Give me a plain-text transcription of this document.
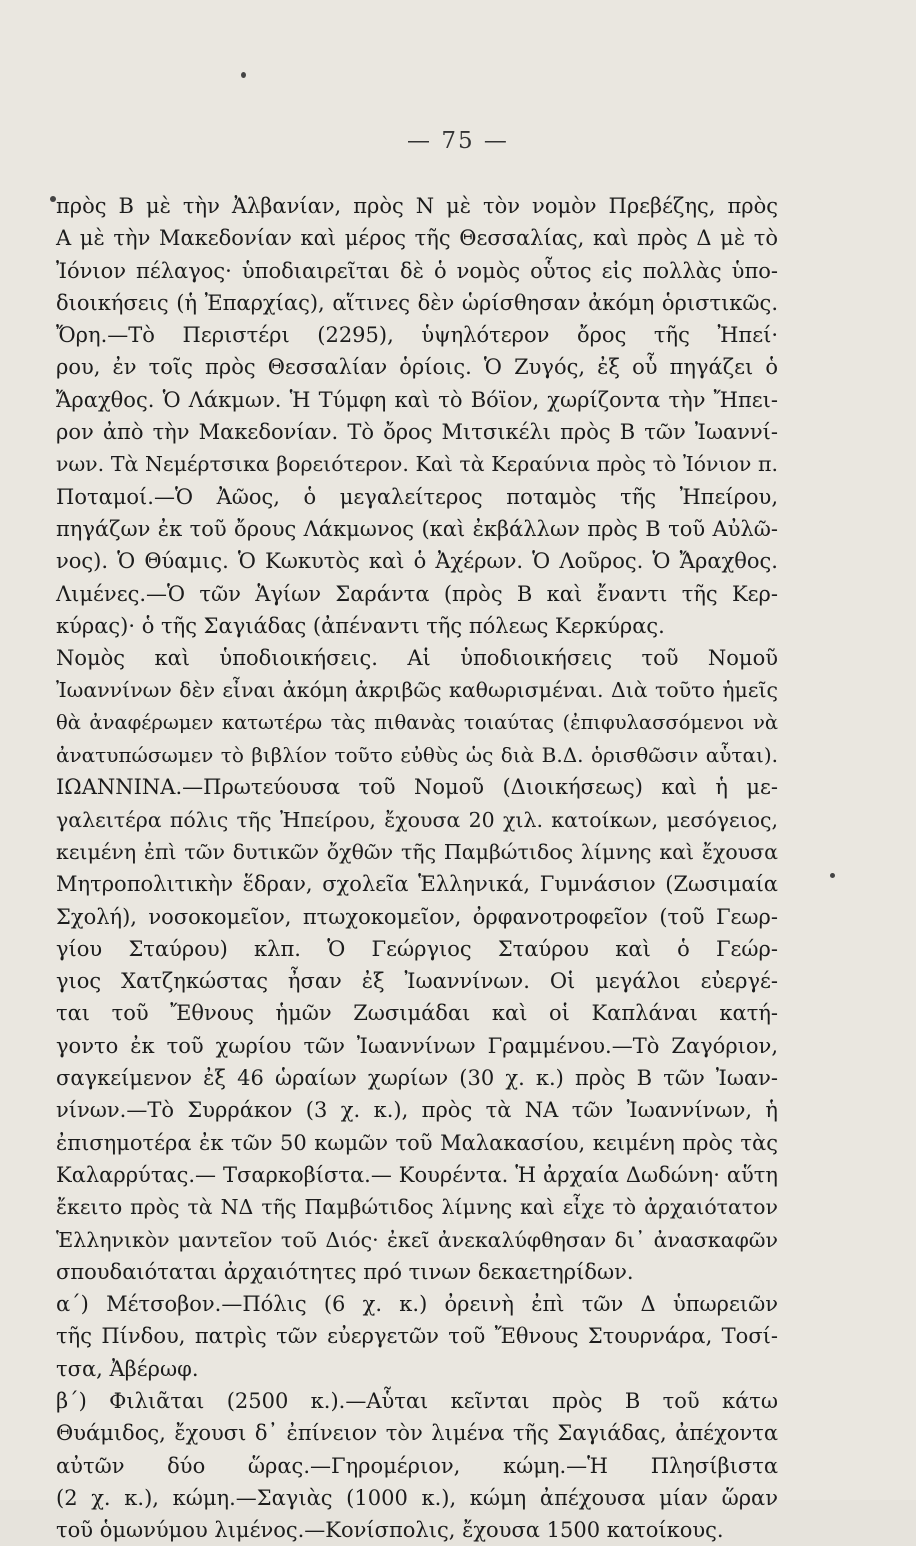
— 75 —
πρὸς Β μὲ τὴν Ἀλβανίαν, πρὸς Ν μὲ τὸν νομὸν Πρεβέζης, πρὸς
Α μὲ τὴν Μακεδονίαν καὶ μέρος τῆς Θεσσαλίας, καὶ πρὸς Δ μὲ τὸ
Ἰόνιον πέλαγος· ὑποδιαιρεῖται δὲ ὁ νομὸς οὗτος εἰς πολλὰς ὑπο-
διοικήσεις (ἡ Ἐπαρχίας), αἵτινες δὲν ὡρίσθησαν ἀκόμη ὁριστικῶς.
Ὄρη.—Τὸ Περιστέρι (2295), ὑψηλότερον ὄρος τῆς Ἠπεί·
ρου, ἐν τοῖς πρὸς Θεσσαλίαν ὁρίοις. Ὁ Ζυγός, ἐξ οὗ πηγάζει ὁ
Ἄραχθος. Ὁ Λάκμων. Ἡ Τύμφη καὶ τὸ Βόϊον, χωρίζοντα τὴν Ἤπει-
ρον ἀπὸ τὴν Μακεδονίαν. Τὸ ὄρος Μιτσικέλι πρὸς Β τῶν Ἰωαννί-
νων. Τὰ Νεμέρτσικα βορειότερον. Καὶ τὰ Κεραύνια πρὸς τὸ Ἰόνιον π.
Ποταμοί.—Ὁ Ἀῶος, ὁ μεγαλείτερος ποταμὸς τῆς Ἠπείρου,
πηγάζων ἐκ τοῦ ὄρους Λάκμωνος (καὶ ἐκβάλλων πρὸς Β τοῦ Αὐλῶ-
νος). Ὁ Θύαμις. Ὁ Κωκυτὸς καὶ ὁ Ἀχέρων. Ὁ Λοῦρος. Ὁ Ἄραχθος.
Λιμένες.—Ὁ τῶν Ἁγίων Σαράντα (πρὸς Β καὶ ἔναντι τῆς Κερ-
κύρας)· ὁ τῆς Σαγιάδας (ἀπέναντι τῆς πόλεως Κερκύρας.
Νομὸς καὶ ὑποδιοικήσεις. Αἱ ὑποδιοικήσεις τοῦ Νομοῦ
Ἰωαννίνων δὲν εἶναι ἀκόμη ἀκριβῶς καθωρισμέναι. Διὰ τοῦτο ἡμεῖς
θὰ ἀναφέρωμεν κατωτέρω τὰς πιθανὰς τοιαύτας (ἐπιφυλασσόμενοι νὰ
ἀνατυπώσωμεν τὸ βιβλίον τοῦτο εὐθὺς ὡς διὰ Β.Δ. ὁρισθῶσιν αὗται).
ΙΩΑΝΝΙΝΑ.—Πρωτεύουσα τοῦ Νομοῦ (Διοικήσεως) καὶ ἡ με-
γαλειτέρα πόλις τῆς Ἠπείρου, ἔχουσα 20 χιλ. κατοίκων, μεσόγειος,
κειμένη ἐπὶ τῶν δυτικῶν ὄχθῶν τῆς Παμβώτιδος λίμνης καὶ ἔχουσα
Μητροπολιτικὴν ἕδραν, σχολεῖα Ἑλληνικά, Γυμνάσιον (Ζωσιμαία
Σχολή), νοσοκομεῖον, πτωχοκομεῖον, ὀρφανοτροφεῖον (τοῦ Γεωρ-
γίου Σταύρου) κλπ. Ὁ Γεώργιος Σταύρου καὶ ὁ Γεώρ-
γιος Χατζηκώστας ἦσαν ἐξ Ἰωαννίνων. Οἱ μεγάλοι εὐεργέ-
ται τοῦ Ἔθνους ἡμῶν Ζωσιμάδαι καὶ οἱ Καπλάναι κατή-
γοντο ἐκ τοῦ χωρίου τῶν Ἰωαννίνων Γραμμένου.—Τὸ Ζαγόριον,
σαγκείμενον ἐξ 46 ὡραίων χωρίων (30 χ. κ.) πρὸς Β τῶν Ἰωαν-
νίνων.—Τὸ Συρράκον (3 χ. κ.), πρὸς τὰ ΝΑ τῶν Ἰωαννίνων, ἡ
ἐπισημοτέρα ἐκ τῶν 50 κωμῶν τοῦ Μαλακασίου, κειμένη πρὸς τὰς
Καλαρρύτας.— Τσαρκοβίστα.— Κουρέντα. Ἡ ἀρχαία Δωδώνη· αὕτη
ἔκειτο πρὸς τὰ ΝΔ τῆς Παμβώτιδος λίμνης καὶ εἶχε τὸ ἀρχαιότατον
Ἑλληνικὸν μαντεῖον τοῦ Διός· ἐκεῖ ἀνεκαλύφθησαν δι᾽ ἀνασκαφῶν
σπουδαιόταται ἀρχαιότητες πρό τινων δεκαετηρίδων.
α΄) Μέτσοβον.—Πόλις (6 χ. κ.) ὀρεινὴ ἐπὶ τῶν Δ ὑπωρειῶν
τῆς Πίνδου, πατρὶς τῶν εὐεργετῶν τοῦ Ἔθνους Στουρνάρα, Τοσί-
τσα, Ἀβέρωφ.
β΄) Φιλιᾶται (2500 κ.).—Αὗται κεῖνται πρὸς Β τοῦ κάτω
Θυάμιδος, ἔχουσι δ᾽ ἐπίνειον τὸν λιμένα τῆς Σαγιάδας, ἀπέχοντα
αὐτῶν δύο ὥρας.—Γηρομέριον, κώμη.—Ἡ Πλησίβιστα
(2 χ. κ.), κώμη.—Σαγιὰς (1000 κ.), κώμη ἀπέχουσα μίαν ὥραν
τοῦ ὁμωνύμου λιμένος.—Κονίσπολις, ἔχουσα 1500 κατοίκους.
